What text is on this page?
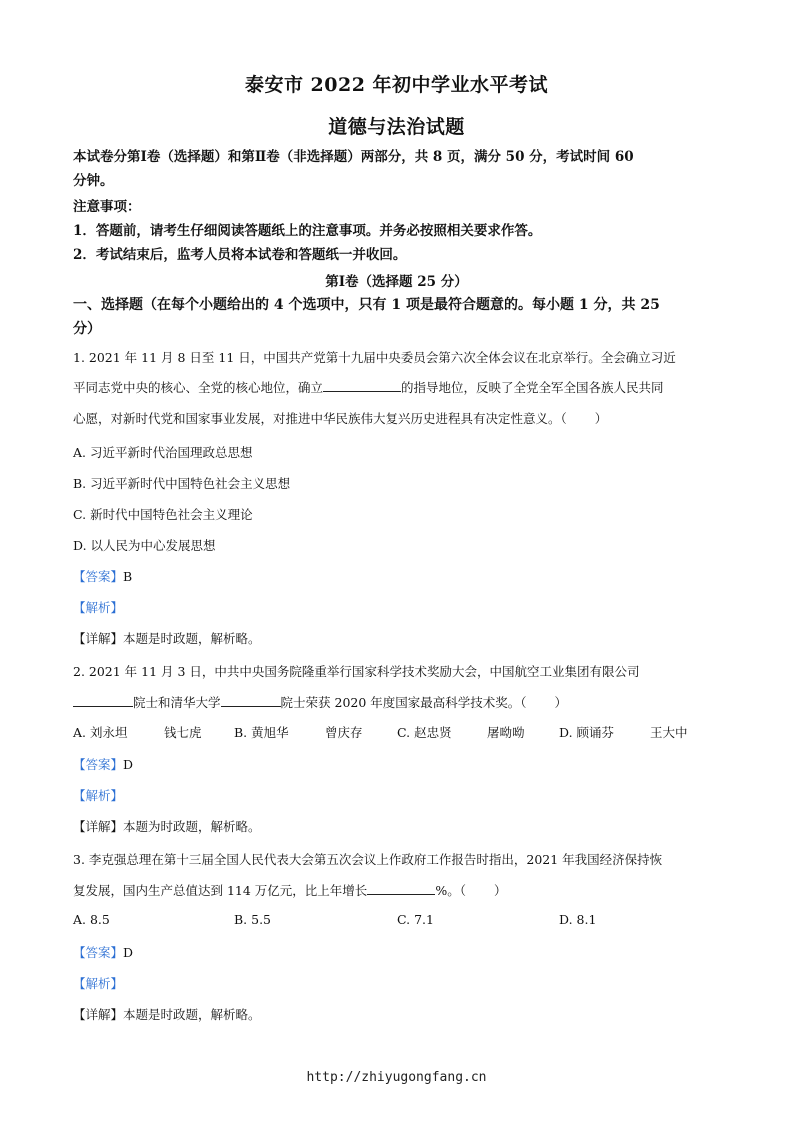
泰安市 2022 年初中学业水平考试
道德与法治试题
本试卷分第Ⅰ卷（选择题）和第Ⅱ卷（非选择题）两部分，共 8 页，满分 50 分，考试时间 60
分钟。
注意事项：
1．答题前，请考生仔细阅读答题纸上的注意事项。并务必按照相关要求作答。
2．考试结束后，监考人员将本试卷和答题纸一并收回。
第Ⅰ卷（选择题 25 分）
一、选择题（在每个小题给出的 4 个选项中，只有 1 项是最符合题意的。每小题 1 分，共 25
分）
1. 2021 年 11 月 8 日至 11 日，中国共产党第十九届中央委员会第六次全体会议在北京举行。全会确立习近
平同志党中央的核心、全党的核心地位，确立	的指导地位，反映了全党全军全国各族人民共同
心愿，对新时代党和国家事业发展，对推进中华民族伟大复兴历史进程具有决定性意义。（ ）
A. 习近平新时代治国理政总思想
B. 习近平新时代中国特色社会主义思想
C. 新时代中国特色社会主义理论
D. 以人民为中心发展思想
【答案】B
【解析】
【详解】本题是时政题，解析略。
2. 2021 年 11 月 3 日，中共中央国务院隆重举行国家科学技术奖励大会，中国航空工业集团有限公司
院士和清华大学	院士荣获 2020 年度国家最高科学技术奖。（ ）
A. 刘永坦	钱七虎	B. 黄旭华	曾庆存	C. 赵忠贤	屠呦呦	D. 顾诵芬	王大中
【答案】D
【解析】
【详解】本题为时政题，解析略。
3. 李克强总理在第十三届全国人民代表大会第五次会议上作政府工作报告时指出，2021 年我国经济保持恢
复发展，国内生产总值达到 114 万亿元，比上年增长	%。（ ）
A. 8.5	B. 5.5	C. 7.1	D. 8.1
【答案】D
【解析】
【详解】本题是时政题，解析略。
http://zhiyugongfang.cn
